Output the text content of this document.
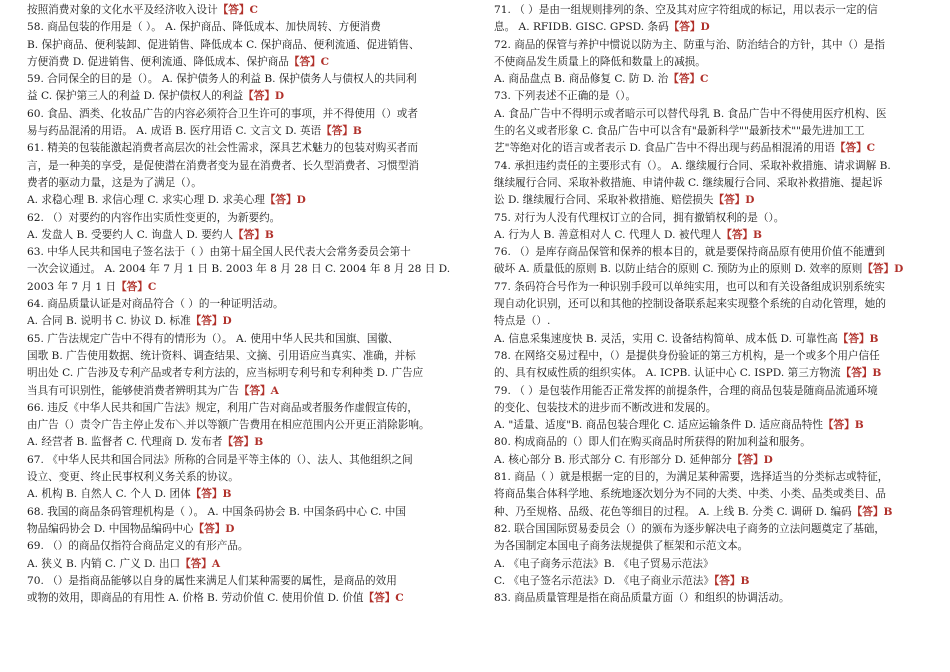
按照消费对象的文化水平及经济收入设计【答】C
58. 商品包装的作用是（ ）。 A. 保护商品、降低成本、加快周转、方便消费
B. 保护商品、便利装卸、促进销售、降低成本 C. 保护商品、便利流通、促进销售、
方便消费 D. 促进销售、便利流通、降低成本、保护商品【答】C
59. 合同保全的目的是（）。 A. 保护债务人的利益 B. 保护债务人与债权人的共同利
益 C. 保护第三人的利益 D. 保护债权人的利益【答】D
60. 食品、酒类、化妆品广告的内容必须符合卫生许可的事项，并不得使用（）或者
易与药品混淆的用语。 A. 成语 B. 医疗用语 C. 文言文 D. 英语【答】B
61. 精美的包装能激起消费者高层次的社会性需求，深具艺术魅力的包装对购买者而
言，是一种美的享受，是促使潜在消费者变为显在消费者、长久型消费者、习惯型消
费者的驱动力量，这是为了满足（）。
A. 求稳心理 B. 求信心理 C. 求实心理 D. 求美心理【答】D
62. （）对要约的内容作出实质性变更的，为新要约。
A. 发盘人 B. 受要约人 C. 询盘人 D. 要约人【答】B
63. 中华人民共和国电子签名法于（ ）由第十届全国人民代表大会常务委员会第十
一次会议通过。 A. 2004 年 7 月 1 日 B. 2003 年 8 月 28 日 C. 2004 年 8 月 28 日 D.
2003 年 7 月 1 日【答】C
64. 商品质量认证是对商品符合（ ）的一种证明活动。
A. 合同 B. 说明书 C. 协议 D. 标准【答】D
65. 广告法规定广告中不得有的情形为（）。 A. 使用中华人民共和国旗、国徽、
国歌 B. 广告使用数据、统计资料、调查结果、文摘、引用语应当真实、准确，并标
明出处 C. 广告涉及专利产品或者专利方法的，应当标明专利号和专利种类 D. 广告应
当具有可识别性，能够使消费者辨明其为广告【答】A
66. 违反《中华人民共和国广告法》规定，利用广告对商品或者服务作虚假宣传的，
由广告（）责令广告主停止发布＼并以等额广告费用在相应范围内公开更正消除影响。
A. 经营者 B. 监督者 C. 代理商 D. 发布者【答】B
67. 《中华人民共和国合同法》所称的合同是平等主体的（）、法人、其他组织之间
设立、变更、终止民事权利义务关系的协议。
A. 机构 B. 自然人 C. 个人 D. 团体【答】B
68. 我国的商品条码管理机构是（ ）。 A. 中国条码协会 B. 中国条码中心 C. 中国
物品编码协会 D. 中国物品编码中心【答】D
69. （）的商品仅指符合商品定义的有形产品。
A. 狭义 B. 内销 C. 广义 D. 出口【答】A
70. （）是指商品能够以自身的属性来满足人们某种需要的属性，是商品的效用
或物的效用，即商品的有用性 A. 价格 B. 劳动价值 C. 使用价值 D. 价值【答】C
71. （ ）是由一组规则排列的条、空及其对应字符组成的标记，用以表示一定的信
息。 A. RFIDB. GISC. GPSD. 条码【答】D
72. 商品的保管与养护中惯说以防为主、防重与治、防治结合的方针，其中（）是指
不使商品发生质量上的降低和数量上的减损。
A. 商品盘点 B. 商品修复 C. 防 D. 治【答】C
73. 下列表述不正确的是（）。
A. 食品广告中不得明示或者暗示可以替代母乳 B. 食品广告中不得使用医疗机构、医
生的名义或者形象 C. 食品广告中可以含有"最新科学""最新技术""最先进加工工
艺"等绝对化的语言或者表示 D. 食品广告中不得出现与药品相混淆的用语【答】C
74. 承担违约责任的主要形式有（）。 A. 继续履行合同、采取补救措施、请求调解 B.
继续履行合同、采取补救措施、申请仲裁 C. 继续履行合同、采取补救措施、提起诉
讼 D. 继续履行合同、采取补救措施、赔偿损失【答】D
75. 对行为人没有代理权订立的合同，拥有撤销权利的是（）。
A. 行为人 B. 善意相对人 C. 代理人 D. 被代理人【答】B
76. （）是库存商品保管和保养的根本目的，就是要保持商品原有使用价值不能遭到
破坏 A. 质量低的原则 B. 以防止结合的原则 C. 预防为止的原则 D. 效率的原则【答】D
77. 条码符合号作为一种识别手段可以单纯实用，也可以和有关设备组成识别系统实
现自动化识别，还可以和其他的控制设备联系起来实现整个系统的自动化管理，她的
特点是（）.
A. 信息采集速度快 B. 灵活，实用 C. 设备结构简单、成本低 D. 可靠性高【答】B
78. 在网络交易过程中，（）是提供身份验证的第三方机构，是一个或多个用户信任
的、具有权威性质的组织实体。 A. ICPB. 认证中心 C. ISPD. 第三方物流【答】B
79. （ ）是包装作用能否正常发挥的前提条件，合理的商品包装是随商品流通环境
的变化、包装技术的进步而不断改进和发展的。
A. "适量、适度"B. 商品包装合理化 C. 适应运输条件 D. 适应商品特性【答】B
80. 构成商品的（）即人们在购买商品时所获得的附加利益和服务。
A. 核心部分 B. 形式部分 C. 有形部分 D. 延伸部分【答】D
81. 商品（ ）就是根据一定的目的，为满足某种需要，选择适当的分类标志或特征，
将商品集合体科学地、系统地逐次划分为不同的大类、中类、小类、品类或类目、品
种、乃至规格、品级、花色等细目的过程。 A. 上线 B. 分类 C. 调研 D. 编码【答】B
82. 联合国国际贸易委员会（）的颁布为逐步解决电子商务的立法问题奠定了基础，
为各国制定本国电子商务法规提供了框架和示范文本。
A. 《电子商务示范法》B. 《电子贸易示范法》
C. 《电子签名示范法》D. 《电子商业示范法》【答】B
83. 商品质量管理是指在商品质量方面（）和组织的协调活动。
